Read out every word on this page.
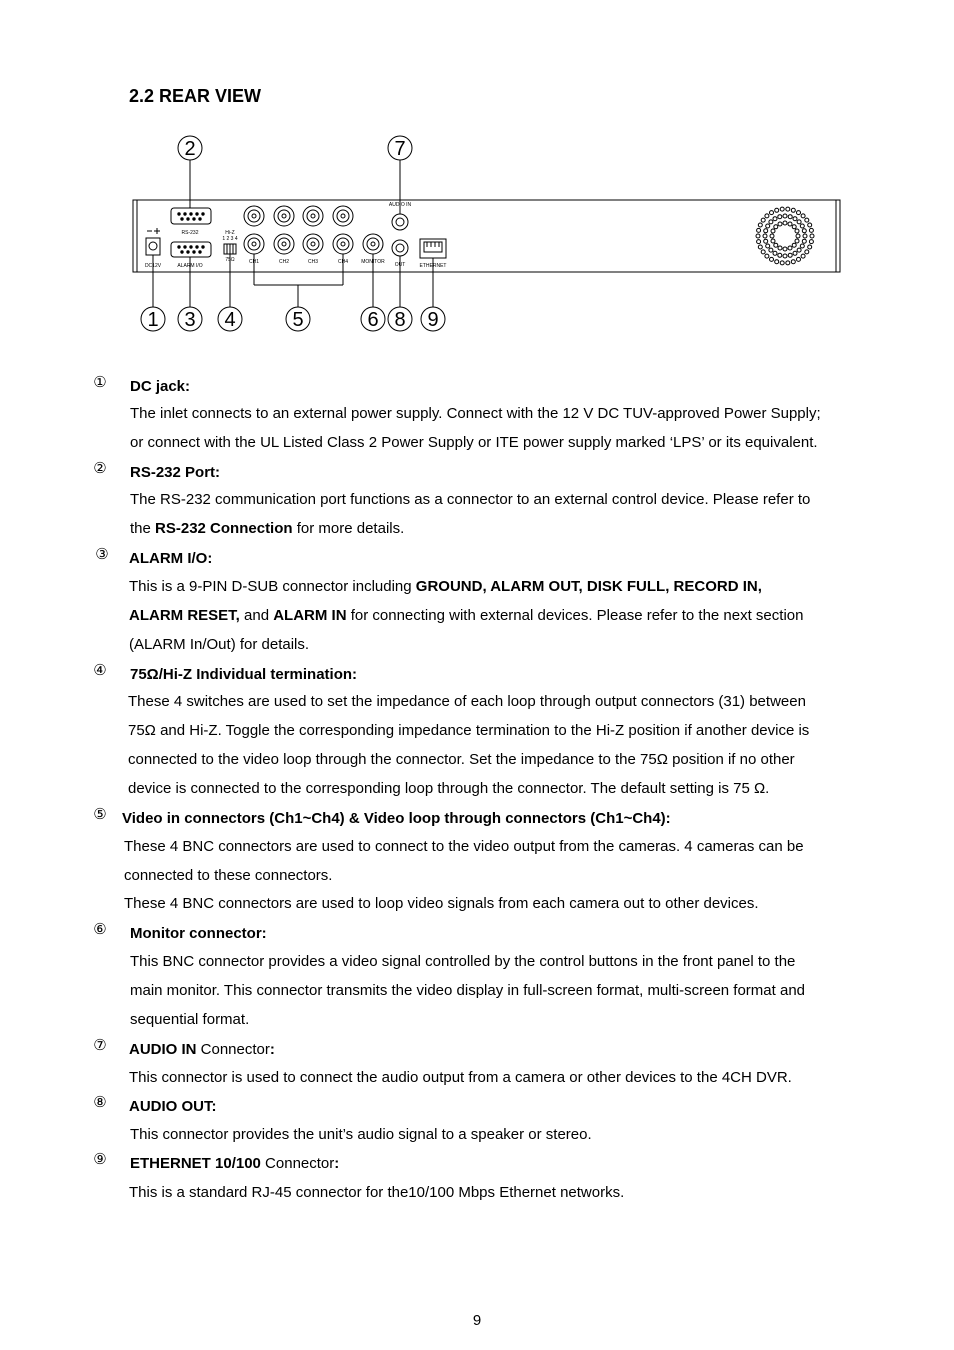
2.2 REAR VIEW
2	7
1 3 4	5	6 8 9
DC12V
RS-232
ALARM I/O
Hi-Z
1 2 3 4
75Ω	CH1	CH2	CH3	CH4	MONITOR
AUDIO IN
OUT	ETHERNET
① DC jack:
The inlet connects to an external power supply. Connect with the 12 V DC TUV-approved Power Supply;
or connect with the UL Listed Class 2 Power Supply or ITE power supply marked ‘LPS’ or its equivalent.
② RS-232 Port:
The RS-232 communication port functions as a connector to an external control device. Please refer to
the RS-232 Connection for more details.
③ ALARM I/O:
This is a 9-PIN D-SUB connector including GROUND, ALARM OUT, DISK FULL, RECORD IN,
ALARM RESET, and ALARM IN for connecting with external devices. Please refer to the next section
(ALARM In/Out) for details.
④ 75Ω/Hi-Z Individual termination:
These 4 switches are used to set the impedance of each loop through output connectors (31) between
75Ω and Hi-Z. Toggle the corresponding impedance termination to the Hi-Z position if another device is
connected to the video loop through the connector. Set the impedance to the 75Ω position if no other
device is connected to the corresponding loop through the connector. The default setting is 75 Ω.
⑤ Video in connectors (Ch1~Ch4) & Video loop through connectors (Ch1~Ch4):
These 4 BNC connectors are used to connect to the video output from the cameras. 4 cameras can be
connected to these connectors.
These 4 BNC connectors are used to loop video signals from each camera out to other devices.
⑥ Monitor connector:
This BNC connector provides a video signal controlled by the control buttons in the front panel to the
main monitor. This connector transmits the video display in full-screen format, multi-screen format and
sequential format.
⑦ AUDIO IN Connector:
This connector is used to connect the audio output from a camera or other devices to the 4CH DVR.
⑧ AUDIO OUT:
This connector provides the unit’s audio signal to a speaker or stereo.
⑨ ETHERNET 10/100 Connector:
This is a standard RJ-45 connector for the10/100 Mbps Ethernet networks.
9
